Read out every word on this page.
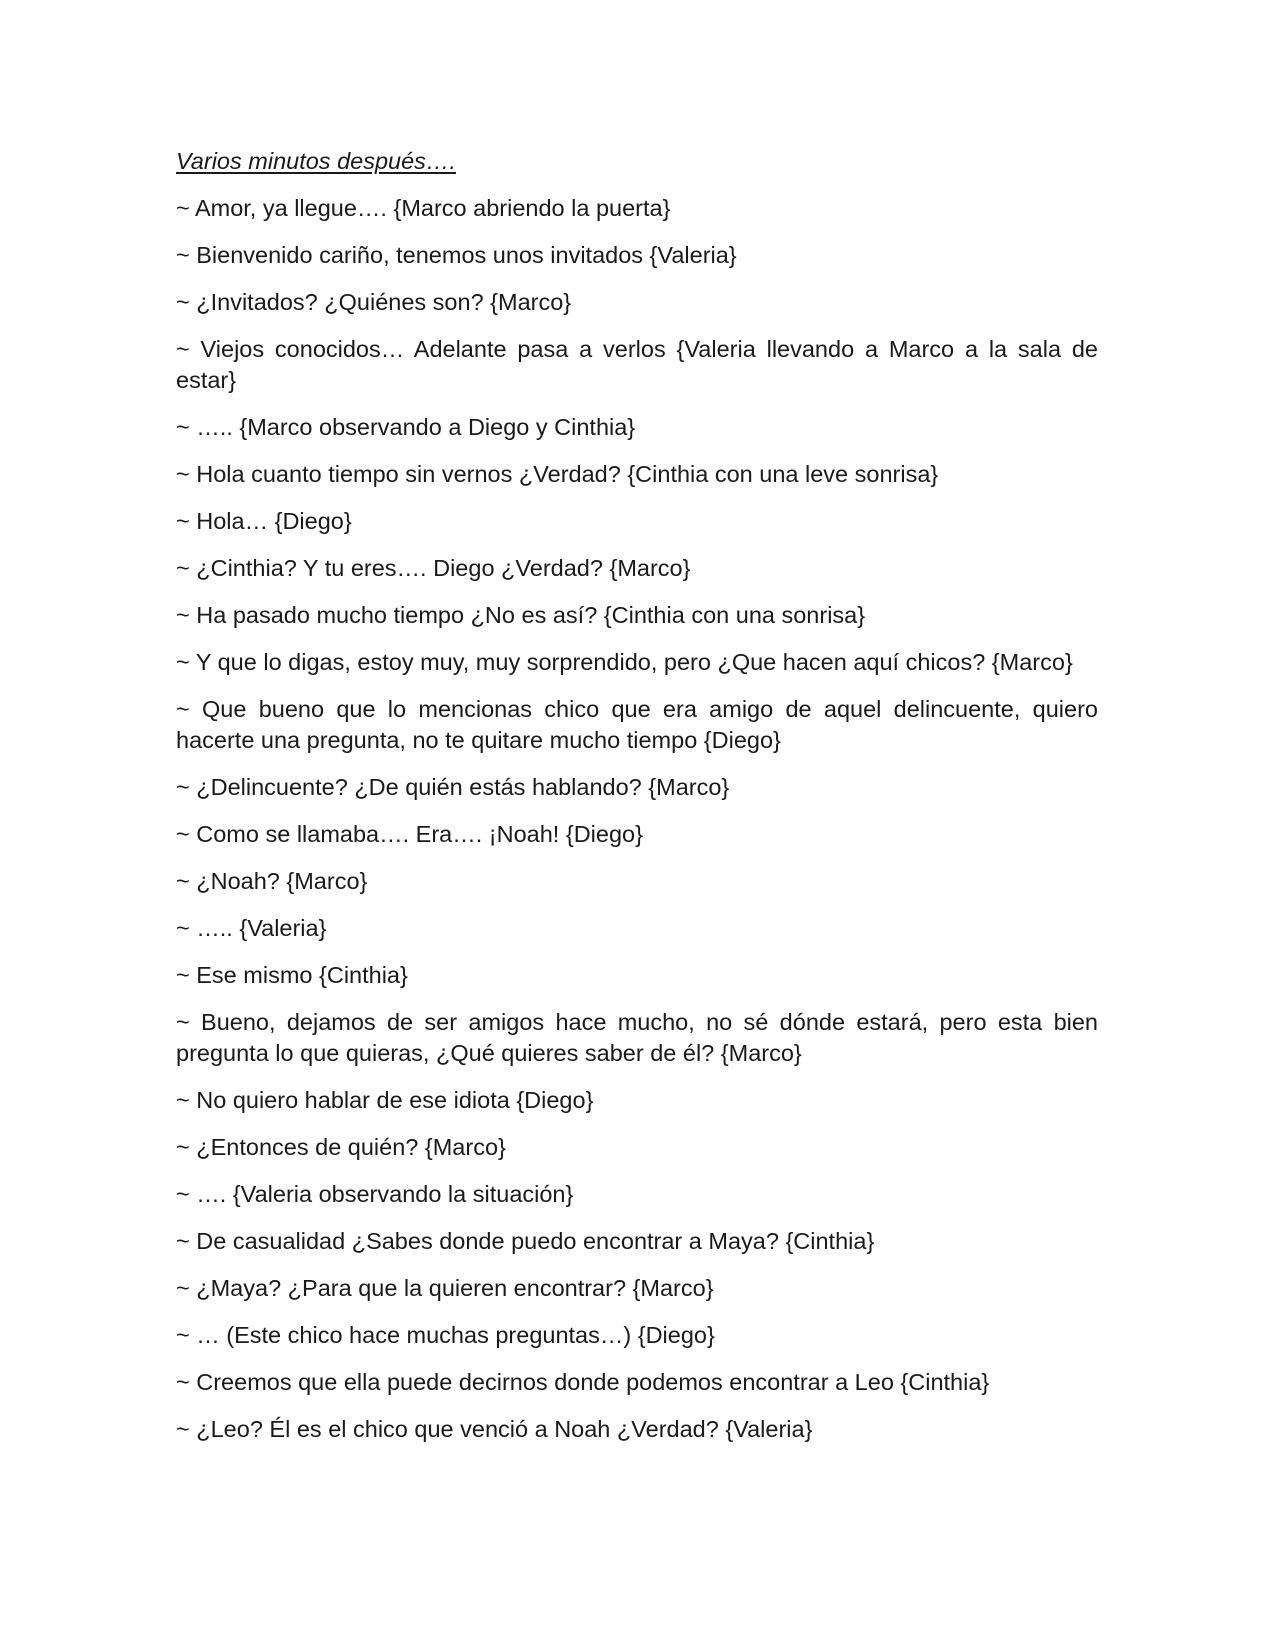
Varios minutos después….

~ Amor, ya llegue…. {Marco abriendo la puerta}
~ Bienvenido cariño, tenemos unos invitados {Valeria}
~ ¿Invitados? ¿Quiénes son? {Marco}
~ Viejos conocidos… Adelante pasa a verlos {Valeria llevando a Marco a la sala de estar}
~ ….. {Marco observando a Diego y Cinthia}
~ Hola cuanto tiempo sin vernos ¿Verdad? {Cinthia con una leve sonrisa}
~ Hola… {Diego}
~ ¿Cinthia? Y tu eres…. Diego ¿Verdad? {Marco}
~ Ha pasado mucho tiempo ¿No es así? {Cinthia con una sonrisa}
~ Y que lo digas, estoy muy, muy sorprendido, pero ¿Que hacen aquí chicos? {Marco}
~ Que bueno que lo mencionas chico que era amigo de aquel delincuente, quiero hacerte una pregunta, no te quitare mucho tiempo {Diego}
~ ¿Delincuente? ¿De quién estás hablando? {Marco}
~ Como se llamaba…. Era…. ¡Noah! {Diego}
~ ¿Noah? {Marco}
~ ….. {Valeria}
~ Ese mismo {Cinthia}
~ Bueno, dejamos de ser amigos hace mucho, no sé dónde estará, pero esta bien pregunta lo que quieras, ¿Qué quieres saber de él? {Marco}
~ No quiero hablar de ese idiota {Diego}
~ ¿Entonces de quién? {Marco}
~ …. {Valeria observando la situación}
~ De casualidad ¿Sabes donde puedo encontrar a Maya? {Cinthia}
~ ¿Maya? ¿Para que la quieren encontrar? {Marco}
~ … (Este chico hace muchas preguntas…) {Diego}
~ Creemos que ella puede decirnos donde podemos encontrar a Leo {Cinthia}
~ ¿Leo? Él es el chico que venció a Noah ¿Verdad? {Valeria}
